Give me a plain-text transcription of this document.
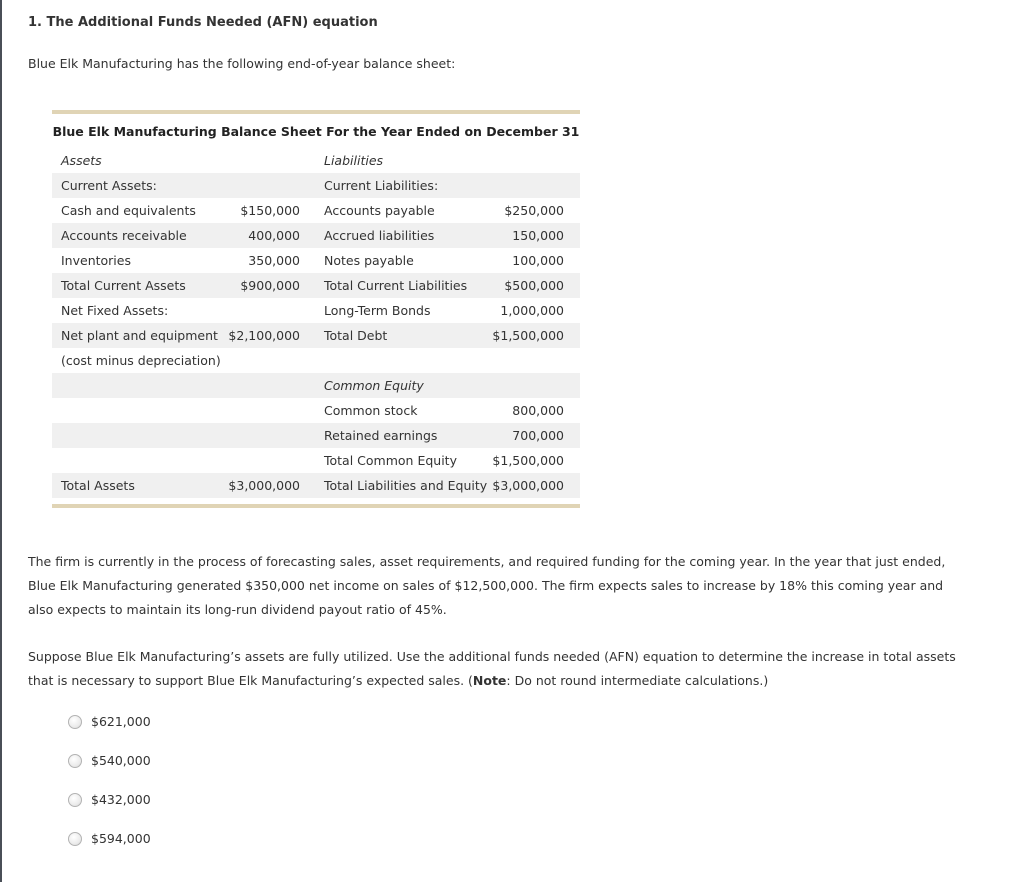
1. The Additional Funds Needed (AFN) equation
Blue Elk Manufacturing has the following end-of-year balance sheet:
Blue Elk Manufacturing Balance Sheet For the Year Ended on December 31
Assets	Liabilities
Current Assets:	Current Liabilities:
Cash and equivalents	$150,000 Accounts payable	$250,000
Accounts receivable	400,000 Accrued liabilities	150,000
Inventories	350,000 Notes payable	100,000
Total Current Assets	$900,000 Total Current Liabilities	$500,000
Net Fixed Assets:	Long-Term Bonds	1,000,000
Net plant and equipment $2,100,000 Total Debt	$1,500,000
(cost minus depreciation)
Common Equity
Common stock	800,000
Retained earnings	700,000
Total Common Equity	$1,500,000
Total Assets	$3,000,000 Total Liabilities and Equity $3,000,000
The firm is currently in the process of forecasting sales, asset requirements, and required funding for the coming year. In the year that just ended, Blue Elk Manufacturing generated $350,000 net income on sales of $12,500,000. The firm expects sales to increase by 18% this coming year and also expects to maintain its long-run dividend payout ratio of 45%.
Suppose Blue Elk Manufacturing’s assets are fully utilized. Use the additional funds needed (AFN) equation to determine the increase in total assets that is necessary to support Blue Elk Manufacturing’s expected sales. (Note: Do not round intermediate calculations.)
$621,000
$540,000
$432,000
$594,000
